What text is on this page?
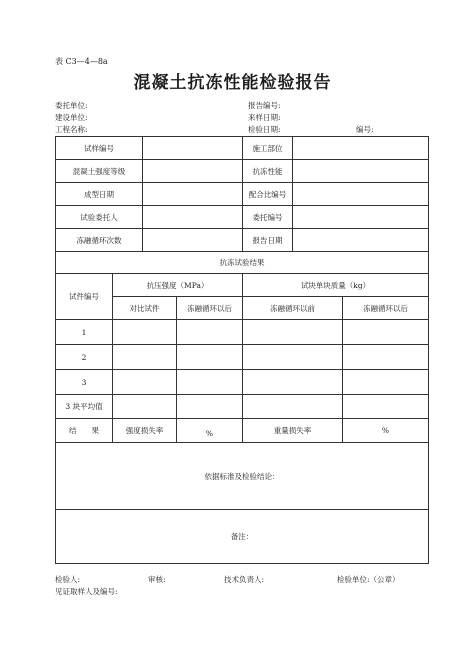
表 C3—4—8a
混凝土抗冻性能检验报告
委托单位:
建设单位:
工程名称:
报告编号:
来样日期:
检验日期:	编号:
试样编号				施工部位		
混凝土强度等级				抗冻性能		
成型日期				配合比编号		
试验委托人				委托编号		
冻融循环次数				报告日期		
抗冻试验结果						
试件编号	抗压强度（MPa）			试块单块质量（kg）		
	对比试件		冻融循环以后	冻融循环以前		冻融循环以后
1						
2						
3						
3 块平均值						
结　　果	强度损失率		%	重量损失率		%
依据标准及检验结论：						
备注：						
检验人:	审核:	技术负责人:	检验单位:（公章）
见证取样人及编号:
